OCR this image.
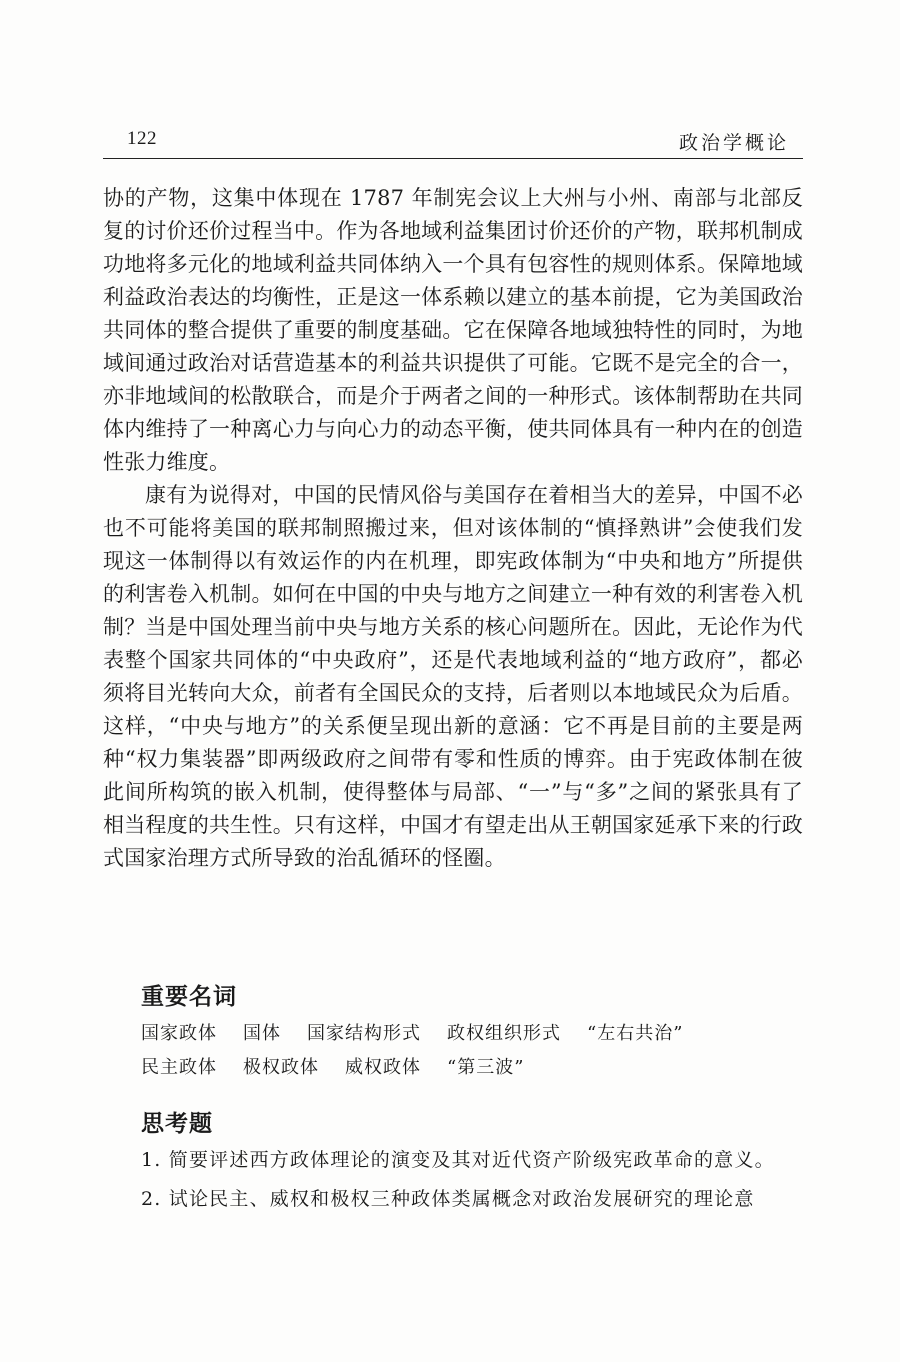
122	政治学概论

协的产物，这集中体现在 1787 年制宪会议上大州与小州、南部与北部反复的讨价还价过程当中。作为各地域利益集团讨价还价的产物，联邦机制成功地将多元化的地域利益共同体纳入一个具有包容性的规则体系。保障地域利益政治表达的均衡性，正是这一体系赖以建立的基本前提，它为美国政治共同体的整合提供了重要的制度基础。它在保障各地域独特性的同时，为地域间通过政治对话营造基本的利益共识提供了可能。它既不是完全的合一，亦非地域间的松散联合，而是介于两者之间的一种形式。该体制帮助在共同体内维持了一种离心力与向心力的动态平衡，使共同体具有一种内在的创造性张力维度。

康有为说得对，中国的民情风俗与美国存在着相当大的差异，中国不必也不可能将美国的联邦制照搬过来，但对该体制的“慎择熟讲”会使我们发现这一体制得以有效运作的内在机理，即宪政体制为“中央和地方”所提供的利害卷入机制。如何在中国的中央与地方之间建立一种有效的利害卷入机制？当是中国处理当前中央与地方关系的核心问题所在。因此，无论作为代表整个国家共同体的“中央政府”，还是代表地域利益的“地方政府”，都必须将目光转向大众，前者有全国民众的支持，后者则以本地域民众为后盾。这样，“中央与地方”的关系便呈现出新的意涵：它不再是目前的主要是两种“权力集装器”即两级政府之间带有零和性质的博弈。由于宪政体制在彼此间所构筑的嵌入机制，使得整体与局部、“一”与“多”之间的紧张具有了相当程度的共生性。只有这样，中国才有望走出从王朝国家延承下来的行政式国家治理方式所导致的治乱循环的怪圈。

重要名词
国家政体 国体 国家结构形式 政权组织形式 “左右共治”
民主政体 极权政体 威权政体 “第三波”
思考题

1. 简要评述西方政体理论的演变及其对近代资产阶级宪政革命的意义。

2. 试论民主、威权和极权三种政体类属概念对政治发展研究的理论意
